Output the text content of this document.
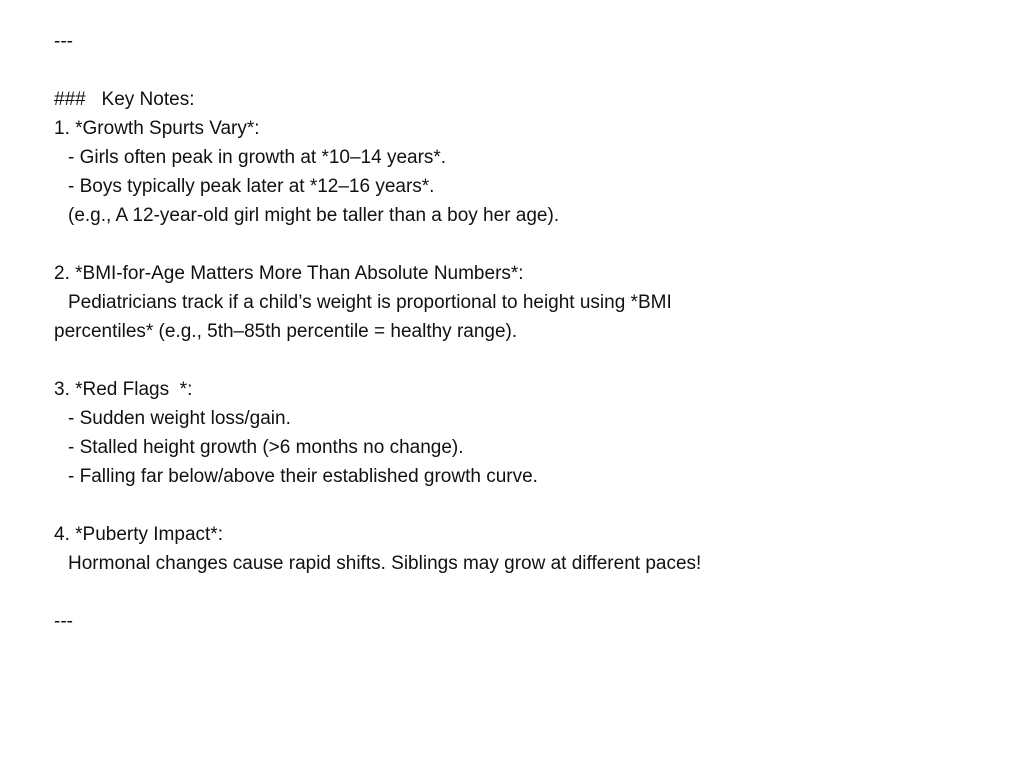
---
###   Key Notes:
1. *Growth Spurts Vary*:
- Girls often peak in growth at *10–14 years*.
- Boys typically peak later at *12–16 years*.
(e.g., A 12-year-old girl might be taller than a boy her age).
2. *BMI-for-Age Matters More Than Absolute Numbers*:
Pediatricians track if a child’s weight is proportional to height using *BMI
percentiles* (e.g., 5th–85th percentile = healthy range).
3. *Red Flags  *:
- Sudden weight loss/gain.
- Stalled height growth (>6 months no change).
- Falling far below/above their established growth curve.
4. *Puberty Impact*:
Hormonal changes cause rapid shifts. Siblings may grow at different paces!
---
